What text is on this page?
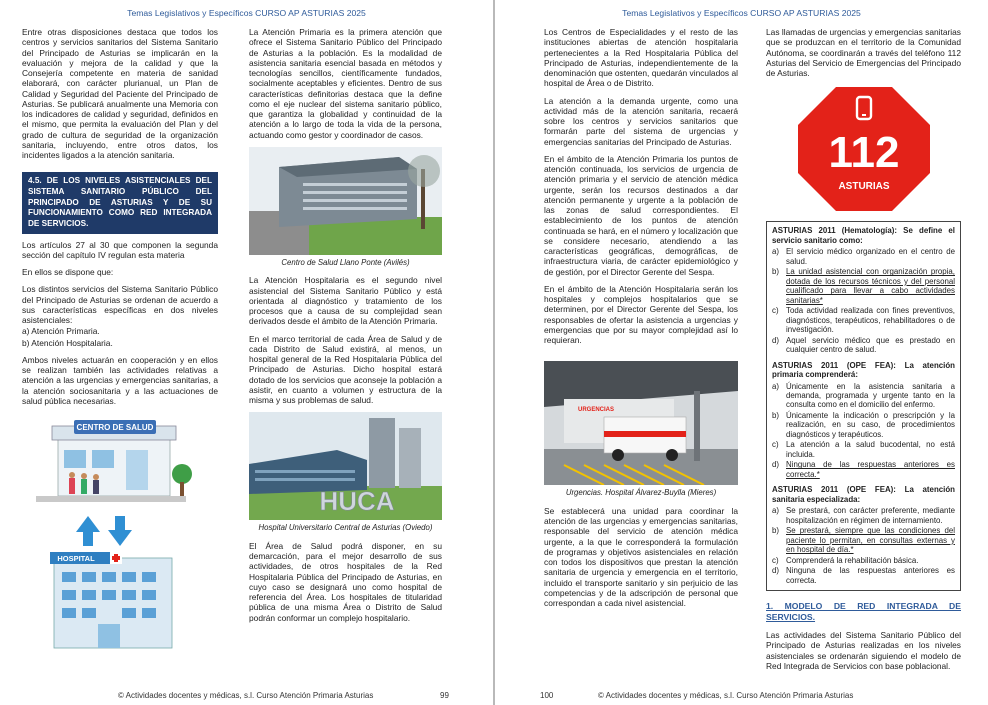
Temas Legislativos y Específicos CURSO AP ASTURIAS 2025

Entre otras disposiciones destaca que todos los centros y servicios sanitarios del Sistema Sanitario del Principado de Asturias se implicarán en la evaluación y mejora de la calidad y que la Consejería competente en materia de sanidad elaborará, con carácter plurianual, un Plan de Calidad y Seguridad del Paciente del Principado de Asturias. Se publicará anualmente una Memoria con los indicadores de calidad y seguridad, definidos en el mismo, que permita la evaluación del Plan y del grado de cultura de seguridad de la organización sanitaria, incluyendo, entre otros datos, los incidentes ligados a la atención sanitaria.

4.5. DE LOS NIVELES ASISTENCIALES DEL SISTEMA SANITARIO PÚBLICO DEL PRINCIPADO DE ASTURIAS Y DE SU FUNCIONAMIENTO COMO RED INTEGRADA DE SERVICIOS.

Los artículos 27 al 30 que componen la segunda sección del capítulo IV regulan esta materia

En ellos se dispone que:

Los distintos servicios del Sistema Sanitario Público del Principado de Asturias se ordenan de acuerdo a sus características específicas en dos niveles asistenciales:

a) Atención Primaria.

b) Atención Hospitalaria.

Ambos niveles actuarán en cooperación y en ellos se realizan también las actividades relativas a atención a las urgencias y emergencias sanitarias, a la atención sociosanitaria y a las actuaciones de salud pública necesarias.

CENTRO DE SALUD
HOSPITAL

La Atención Primaria es la primera atención que ofrece el Sistema Sanitario Público del Principado de Asturias a la población. Es la modalidad de asistencia sanitaria esencial basada en métodos y tecnologías sencillos, científicamente fundados, socialmente aceptables y eficientes. Dentro de sus características definitorias destaca que la define como el eje nuclear del sistema sanitario público, que garantiza la globalidad y continuidad de la atención a lo largo de toda la vida de la persona, actuando como gestor y coordinador de casos.

Centro de Salud Llano Ponte (Avilés)

La Atención Hospitalaria es el segundo nivel asistencial del Sistema Sanitario Público y está orientada al diagnóstico y tratamiento de los procesos que a causa de su complejidad sean derivados desde el ámbito de la Atención Primaria.

En el marco territorial de cada Área de Salud y de cada Distrito de Salud existirá, al menos, un hospital general de la Red Hospitalaria Pública del Principado de Asturias. Dicho hospital estará dotado de los servicios que aconseje la población a asistir, en cuanto a volumen y estructura de la misma y sus problemas de salud.

HUCA
Hospital Universitario Central de Asturias (Oviedo)

El Área de Salud podrá disponer, en su demarcación, para el mejor desarrollo de sus actividades, de otros hospitales de la Red Hospitalaria Pública del Principado de Asturias, en cuyo caso se designará uno como hospital de referencia del Área. Los hospitales de titularidad pública de una misma Área o Distrito de Salud podrán conformar un complejo hospitalario.

© Actividades docentes y médicas, s.l. Curso Atención Primaria Asturias	99
Temas Legislativos y Específicos CURSO AP ASTURIAS 2025

Los Centros de Especialidades y el resto de las instituciones abiertas de atención hospitalaria pertenecientes a la Red Hospitalaria Pública del Principado de Asturias, independientemente de la denominación que ostenten, quedarán vinculados al hospital de Área o de Distrito.

La atención a la demanda urgente, como una actividad más de la atención sanitaria, recaerá sobre los centros y servicios sanitarios que formarán parte del sistema de urgencias y emergencias sanitarias del Principado de Asturias.

En el ámbito de la Atención Primaria los puntos de atención continuada, los servicios de urgencia de atención primaria y el servicio de atención médica urgente, serán los recursos destinados a dar atención permanente y urgente a la población de las zonas de salud correspondientes. El establecimiento de los puntos de atención continuada se hará, en el número y localización que se considere necesario, atendiendo a las características geográficas, demográficas, de infraestructura viaria, de carácter epidemiológico y de gestión, por el Director Gerente del Sespa.

En el ámbito de la Atención Hospitalaria serán los hospitales y complejos hospitalarios que se determinen, por el Director Gerente del Sespa, los responsables de ofertar la asistencia a urgencias y emergencias que por su mayor complejidad así lo requieran.

URGENCIAS
Urgencias. Hospital Álvarez-Buylla (Mieres)

Se establecerá una unidad para coordinar la atención de las urgencias y emergencias sanitarias, responsable del servicio de atención médica urgente, a la que le corresponderá la formulación de programas y objetivos asistenciales en relación con todos los dispositivos que prestan la atención sanitaria de urgencia y emergencia en el territorio, incluido el transporte sanitario y sin perjuicio de las competencias y de la adscripción de personal que correspondan a cada nivel asistencial.

Las llamadas de urgencias y emergencias sanitarias que se produzcan en el territorio de la Comunidad Autónoma, se coordinarán a través del teléfono 112 Asturias del Servicio de Emergencias del Principado de Asturias.

112
ASTURIAS
ASTURIAS 2011 (Hematología): Se define el servicio sanitario como:
a) El servicio médico organizado en el centro de salud.
b) La unidad asistencial con organización propia, dotada de los recursos técnicos y del personal cualificado para llevar a cabo actividades sanitarias*
c) Toda actividad realizada con fines preventivos, diagnósticos, terapéuticos, rehabilitadores o de investigación.
d) Aquel servicio médico que es prestado en cualquier centro de salud.
ASTURIAS 2011 (OPE FEA): La atención primaria comprenderá:
a) Únicamente en la asistencia sanitaria a demanda, programada y urgente tanto en la consulta como en el domicilio del enfermo.
b) Únicamente la indicación o prescripción y la realización, en su caso, de procedimientos diagnósticos y terapéuticos.
c) La atención a la salud bucodental, no está incluida.
d) Ninguna de las respuestas anteriores es correcta.*
ASTURIAS 2011 (OPE FEA): La atención sanitaria especializada:
a) Se prestará, con carácter preferente, mediante hospitalización en régimen de internamiento.
b) Se prestará, siempre que las condiciones del paciente lo permitan, en consultas externas y en hospital de día.*
c) Comprenderá la rehabilitación básica.
d) Ninguna de las respuestas anteriores es correcta.
1. MODELO DE RED INTEGRADA DE SERVICIOS.

Las actividades del Sistema Sanitario Público del Principado de Asturias realizadas en los niveles asistenciales se ordenarán siguiendo el modelo de Red Integrada de Servicios con base poblacional.

100	© Actividades docentes y médicas, s.l. Curso Atención Primaria Asturias
